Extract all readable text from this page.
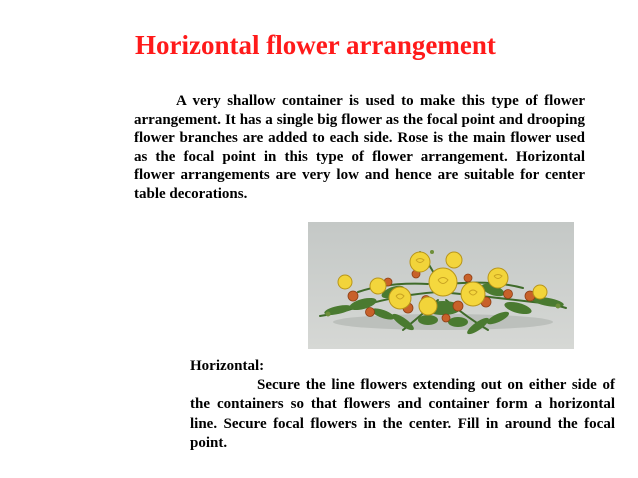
Horizontal flower arrangement

A very shallow container is used to make this type of flower arrangement. It has a single big flower as the focal point and drooping flower branches are added to each side. Rose is the main flower used as the focal point in this type of flower arrangement. Horizontal flower arrangements are very low and hence are suitable for center table decorations.

Horizontal:

Secure the line flowers extending out on either side of the containers so that flowers and container form a horizontal line. Secure focal flowers in the center. Fill in around the focal point.
